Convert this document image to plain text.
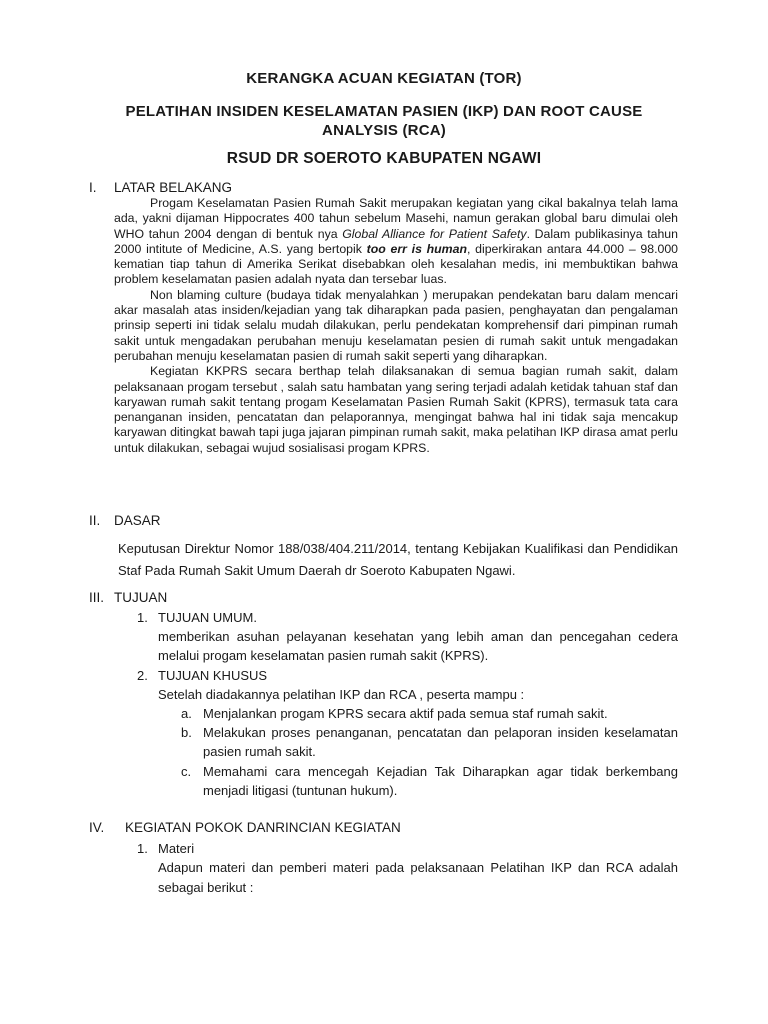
KERANGKA ACUAN KEGIATAN (TOR)
PELATIHAN INSIDEN KESELAMATAN PASIEN (IKP) DAN ROOT CAUSE ANALYSIS (RCA)
RSUD DR SOEROTO KABUPATEN NGAWI
I. LATAR BELAKANG

Progam Keselamatan Pasien Rumah Sakit merupakan kegiatan yang cikal bakalnya telah lama ada, yakni dijaman Hippocrates 400 tahun sebelum Masehi, namun gerakan global baru dimulai oleh WHO tahun 2004 dengan di bentuk nya Global Alliance for Patient Safety. Dalam publikasinya tahun 2000 intitute of Medicine, A.S. yang bertopik too err is human, diperkirakan antara 44.000 – 98.000 kematian tiap tahun di Amerika Serikat disebabkan oleh kesalahan medis, ini membuktikan bahwa problem keselamatan pasien adalah nyata dan tersebar luas.

Non blaming culture (budaya tidak menyalahkan ) merupakan pendekatan baru dalam mencari akar masalah atas insiden/kejadian yang tak diharapkan pada pasien, penghayatan dan pengalaman prinsip seperti ini tidak selalu mudah dilakukan, perlu pendekatan komprehensif dari pimpinan rumah sakit untuk mengadakan perubahan menuju keselamatan pesien di rumah sakit untuk mengadakan perubahan menuju keselamatan pasien di rumah sakit seperti yang diharapkan.

Kegiatan KKPRS secara berthap telah dilaksanakan di semua bagian rumah sakit, dalam pelaksanaan progam tersebut , salah satu hambatan yang sering terjadi adalah ketidak tahuan staf dan karyawan rumah sakit tentang progam Keselamatan Pasien Rumah Sakit (KPRS), termasuk tata cara penanganan insiden, pencatatan dan pelaporannya, mengingat bahwa hal ini tidak saja mencakup karyawan ditingkat bawah tapi juga jajaran pimpinan rumah sakit, maka pelatihan IKP dirasa amat perlu untuk dilakukan, sebagai wujud sosialisasi progam KPRS.

II. DASAR

Keputusan Direktur Nomor 188/038/404.211/2014, tentang Kebijakan Kualifikasi dan Pendidikan Staf Pada Rumah Sakit Umum Daerah dr Soeroto Kabupaten Ngawi.

III. TUJUAN
1. TUJUAN UMUM.

memberikan asuhan pelayanan kesehatan yang lebih aman dan pencegahan cedera melalui progam keselamatan pasien rumah sakit (KPRS).

2. TUJUAN KHUSUS

Setelah diadakannya pelatihan IKP dan RCA , peserta mampu :

a. Menjalankan progam KPRS secara aktif pada semua staf rumah sakit.

b. Melakukan proses penanganan, pencatatan dan pelaporan insiden keselamatan pasien rumah sakit.

c. Memahami cara mencegah Kejadian Tak Diharapkan agar tidak berkembang menjadi litigasi (tuntunan hukum).

IV. KEGIATAN POKOK DANRINCIAN KEGIATAN
1. Materi

Adapun materi dan pemberi materi pada pelaksanaan Pelatihan IKP dan RCA adalah sebagai berikut :
